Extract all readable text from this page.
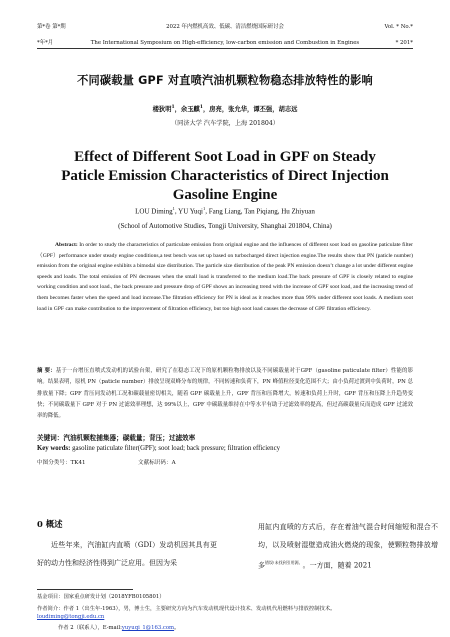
第*卷 第*期	2022 年内燃机高效、低碳、清洁燃烧国际研讨会	Vol. * No.*
*年*月	The International Symposium on High-efficiency, low-carbon emission and Combustion in Engines	* 201*
不同碳载量 GPF 对直喷汽油机颗粒物稳态排放特性的影响
楼狄明$^1$，余玉麒$^1$，房亮，张允华，谭丕强，胡志远
（同济大学 汽车学院，上海 201804）
Effect of Different Soot Load in GPF on Steady
Paticle Emission Characteristics of Direct Injection
Gasoline Engine
LOU Diming$^1$, YU Yuqi$^1$, Fang Liang, Tan Piqiang, Hu Zhiyuan
(School of Automotive Studies, Tongji University, Shanghai 201804, China)
Abstract: In order to study the characteristics of particulate emission from original engine and the influences of different soot load on gasoline paticulate filter（GPF）performance under steady engine conditions,a test bench was set up based on turbocharged direct injection engine.The results show that PN (paticle number) emission from the original engine exhibits a bimodal size distribution. The particle size distribution of the peak PN emission doesn’t change a lot under different engine speeds and loads. The total emission of PN decreases when the small load is transferred to the medium load.The back pressure of GPF is closely related to engine working condition and soot load., the back pressure and pressure drop of GPF shows an increasing trend with the increase of GPF soot load, and the increasing trend of them becomes faster when the speed and load increase.The filtration efficiency for PN is ideal as it reaches more than 99% under different soot loads. A medium soot load in GPF can make contribution to the improvement of filtration efficiency, but too high soot load causes the decrease of GPF filtration efficiency.
摘 要：基于一台增压直喷式发动机的试验台架，研究了在稳态工况下的原机颗粒物排放以及不同碳载量对于GPF（gasoline paticulate filter）性能的影响。结果表明，原机 PN（paticle number）排放呈现双峰分布的规律，不同转速和负荷下，PN 峰值粒径变化范围不大；由小负荷过渡到中负荷时，PN 总排放量下降；GPF 背压同发动机工况和碳载量密切相关，随着 GPF 碳载量上升，GPF 背压和压降增大，转速和负荷上升时，GPF 背压和压降上升趋势变快；不同碳载量下 GPF 对于 PN 过滤效率理想，达 99%以上，GPF 中碳载量维持在中等水平有助于过滤效率的提高，但过高碳载量反而造成 GPF 过滤效率的降低。
关键词：汽油机颗粒捕集器；碳载量；背压；过滤效率
Key words: gasoline paticulate filter(GPF); soot load; back pressure; filtration efficiency
中图分类号：TK41	文献标识码：A
0 概述
近些年来，汽油缸内直喷（GDI）发动机因其具有更好的动力性和经济性得到广泛应用。但因为采
用缸内直喷的方式后，存在着油气混合时间缩短和混合不均，以及喷射湿壁造成油火燃烧的现象，使颗粒物排放增多$^{错误!未找到引用源。}$。一方面，随着 2021
基金项目：国家重点研发计划（2018YFB0105801）
作者简介：作者 1（出生年-1963），男，博士生，主要研究方向为汽车发动机现代设计技术、发动机代用燃料与排放控制技术。
loudiming@tongji.edu.cn
作者 2（联系人），E-mail:yuyuqi_1@163.com。
